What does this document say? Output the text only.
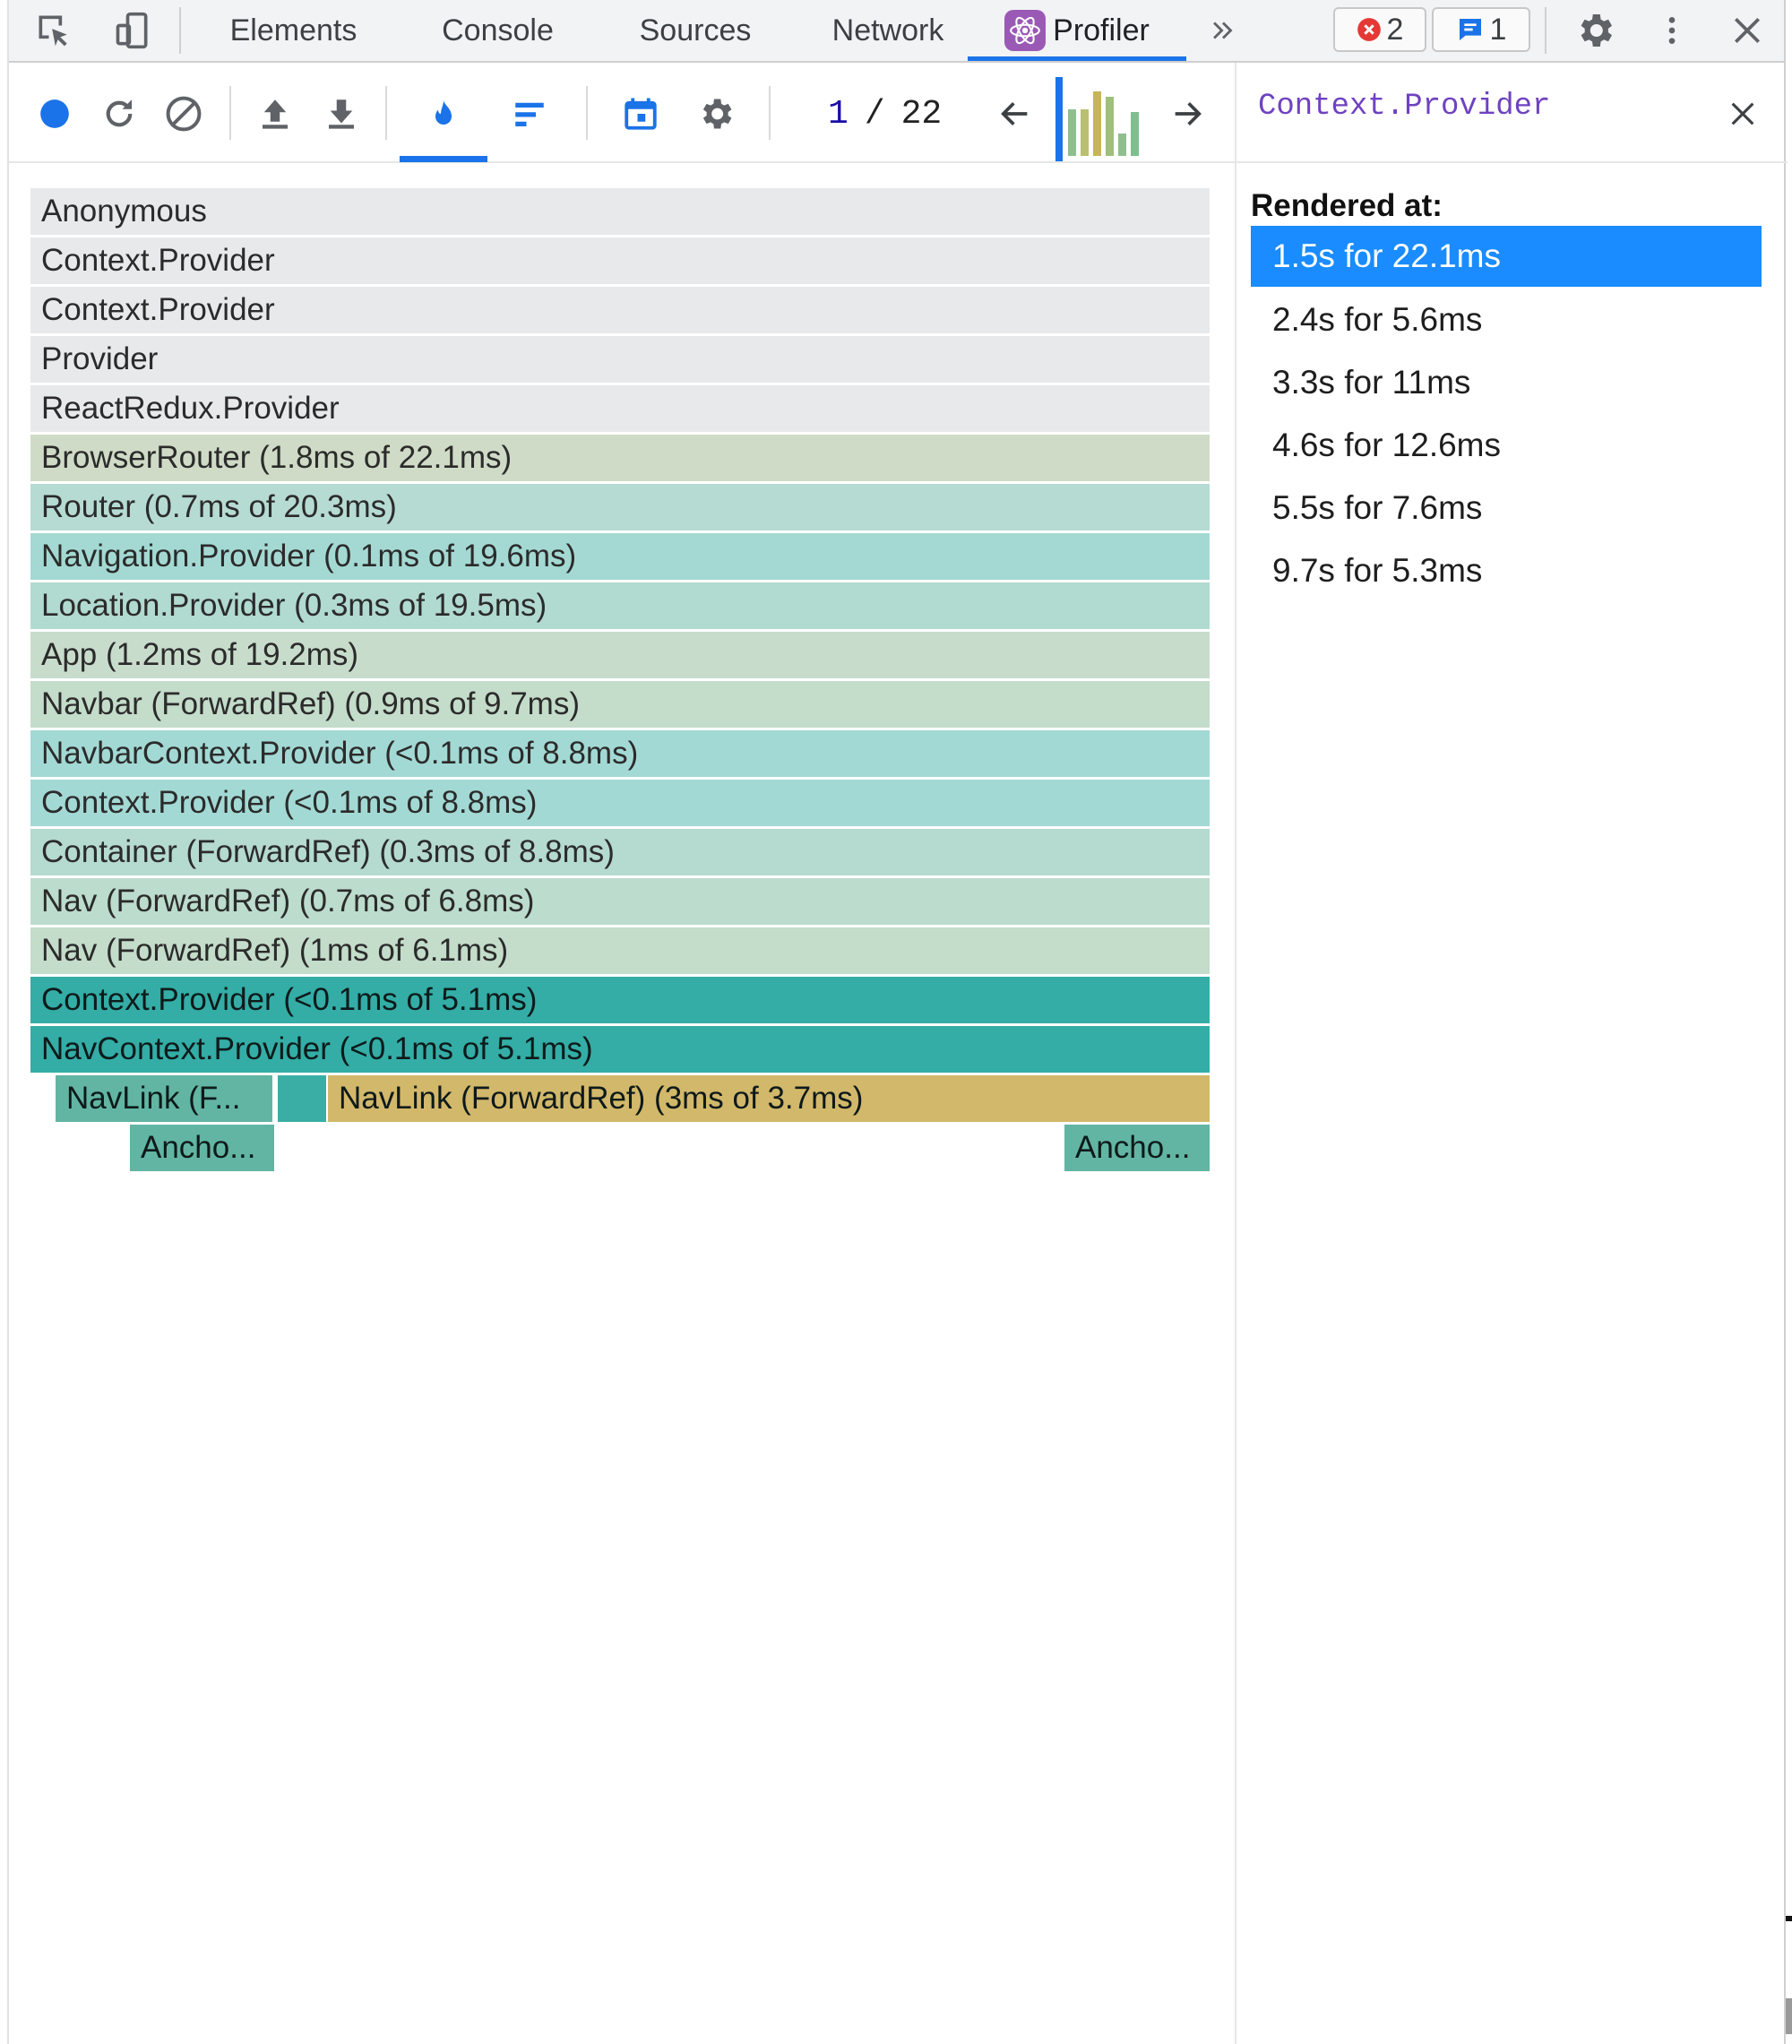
Elements	Console	Sources	Network	Profiler	2	1
1 / 22	Context.Provider
Rendered at:
1.5s for 22.1ms
2.4s for 5.6ms
3.3s for 11ms
4.6s for 12.6ms
5.5s for 7.6ms
9.7s for 5.3ms
Anonymous
Context.Provider
Context.Provider
Provider
ReactRedux.Provider
BrowserRouter (1.8ms of 22.1ms)
Router (0.7ms of 20.3ms)
Navigation.Provider (0.1ms of 19.6ms)
Location.Provider (0.3ms of 19.5ms)
App (1.2ms of 19.2ms)
Navbar (ForwardRef) (0.9ms of 9.7ms)
NavbarContext.Provider (<0.1ms of 8.8ms)
Context.Provider (<0.1ms of 8.8ms)
Container (ForwardRef) (0.3ms of 8.8ms)
Nav (ForwardRef) (0.7ms of 6.8ms)
Nav (ForwardRef) (1ms of 6.1ms)
Context.Provider (<0.1ms of 5.1ms)
NavContext.Provider (<0.1ms of 5.1ms)
NavLink (F...	NavLink (ForwardRef) (3ms of 3.7ms)
Ancho...	Ancho...
